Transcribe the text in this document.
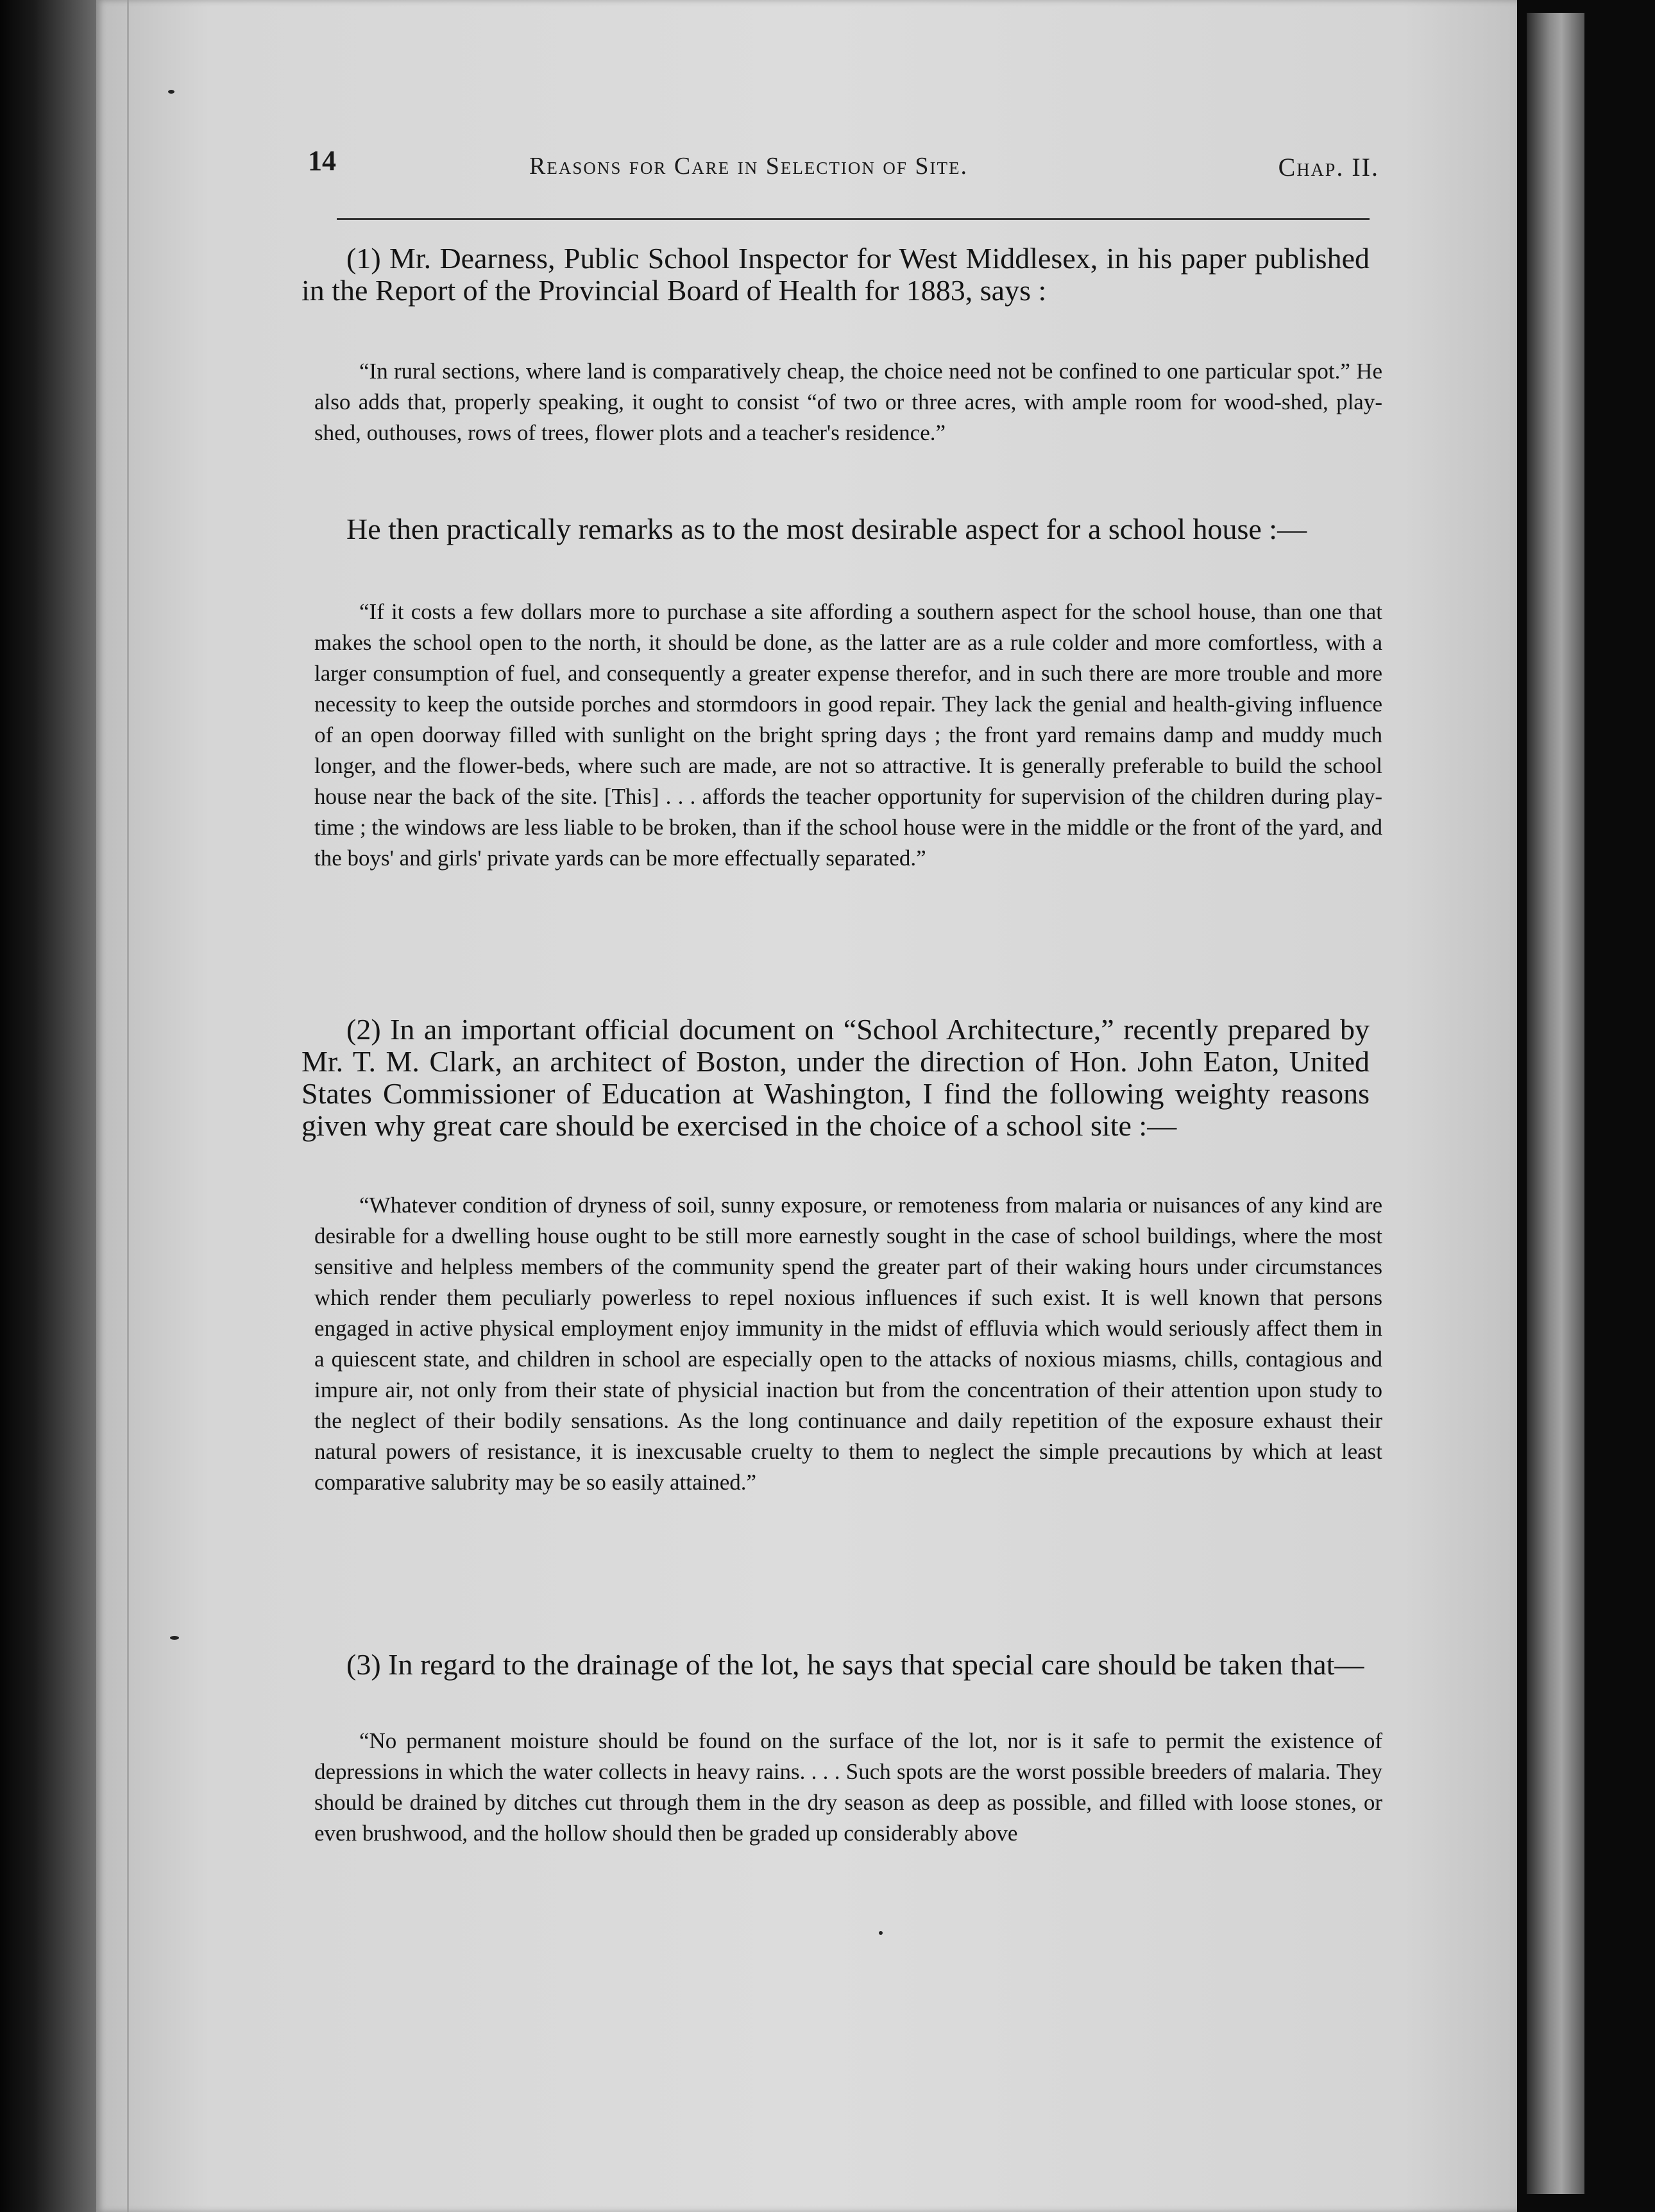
14	Reasons for Care in Selection of Site.	Chap. II.

(1) Mr. Dearness, Public School Inspector for West Middlesex, in his paper published in the Report of the Provincial Board of Health for 1883, says :

“In rural sections, where land is comparatively cheap, the choice need not be confined to one particular spot.” He also adds that, properly speaking, it ought to consist “of two or three acres, with ample room for wood-shed, play-shed, outhouses, rows of trees, flower plots and a teacher's residence.”

He then practically remarks as to the most desirable aspect for a school house :—

“If it costs a few dollars more to purchase a site affording a southern aspect for the school house, than one that makes the school open to the north, it should be done, as the latter are as a rule colder and more comfortless, with a larger consumption of fuel, and consequently a greater expense therefor, and in such there are more trouble and more necessity to keep the outside porches and stormdoors in good repair. They lack the genial and health-giving influence of an open doorway filled with sunlight on the bright spring days ; the front yard remains damp and muddy much longer, and the flower-beds, where such are made, are not so attractive. It is generally preferable to build the school house near the back of the site. [This] . . . affords the teacher opportunity for supervision of the children during play-time ; the windows are less liable to be broken, than if the school house were in the middle or the front of the yard, and the boys' and girls' private yards can be more effectually separated.”

(2) In an important official document on “School Architecture,” recently prepared by Mr. T. M. Clark, an architect of Boston, under the direction of Hon. John Eaton, United States Commissioner of Education at Washington, I find the following weighty reasons given why great care should be exercised in the choice of a school site :—

“Whatever condition of dryness of soil, sunny exposure, or remoteness from malaria or nuisances of any kind are desirable for a dwelling house ought to be still more earnestly sought in the case of school buildings, where the most sensitive and helpless members of the community spend the greater part of their waking hours under circumstances which render them peculiarly powerless to repel noxious influences if such exist. It is well known that persons engaged in active physical employment enjoy immunity in the midst of effluvia which would seriously affect them in a quiescent state, and children in school are especially open to the attacks of noxious miasms, chills, contagious and impure air, not only from their state of physicial inaction but from the concentration of their attention upon study to the neglect of their bodily sensations. As the long continuance and daily repetition of the exposure exhaust their natural powers of resistance, it is inexcusable cruelty to them to neglect the simple precautions by which at least comparative salubrity may be so easily attained.”

(3) In regard to the drainage of the lot, he says that special care should be taken that—

“No permanent moisture should be found on the surface of the lot, nor is it safe to permit the existence of depressions in which the water collects in heavy rains. . . . Such spots are the worst possible breeders of malaria. They should be drained by ditches cut through them in the dry season as deep as possible, and filled with loose stones, or even brushwood, and the hollow should then be graded up considerably above
